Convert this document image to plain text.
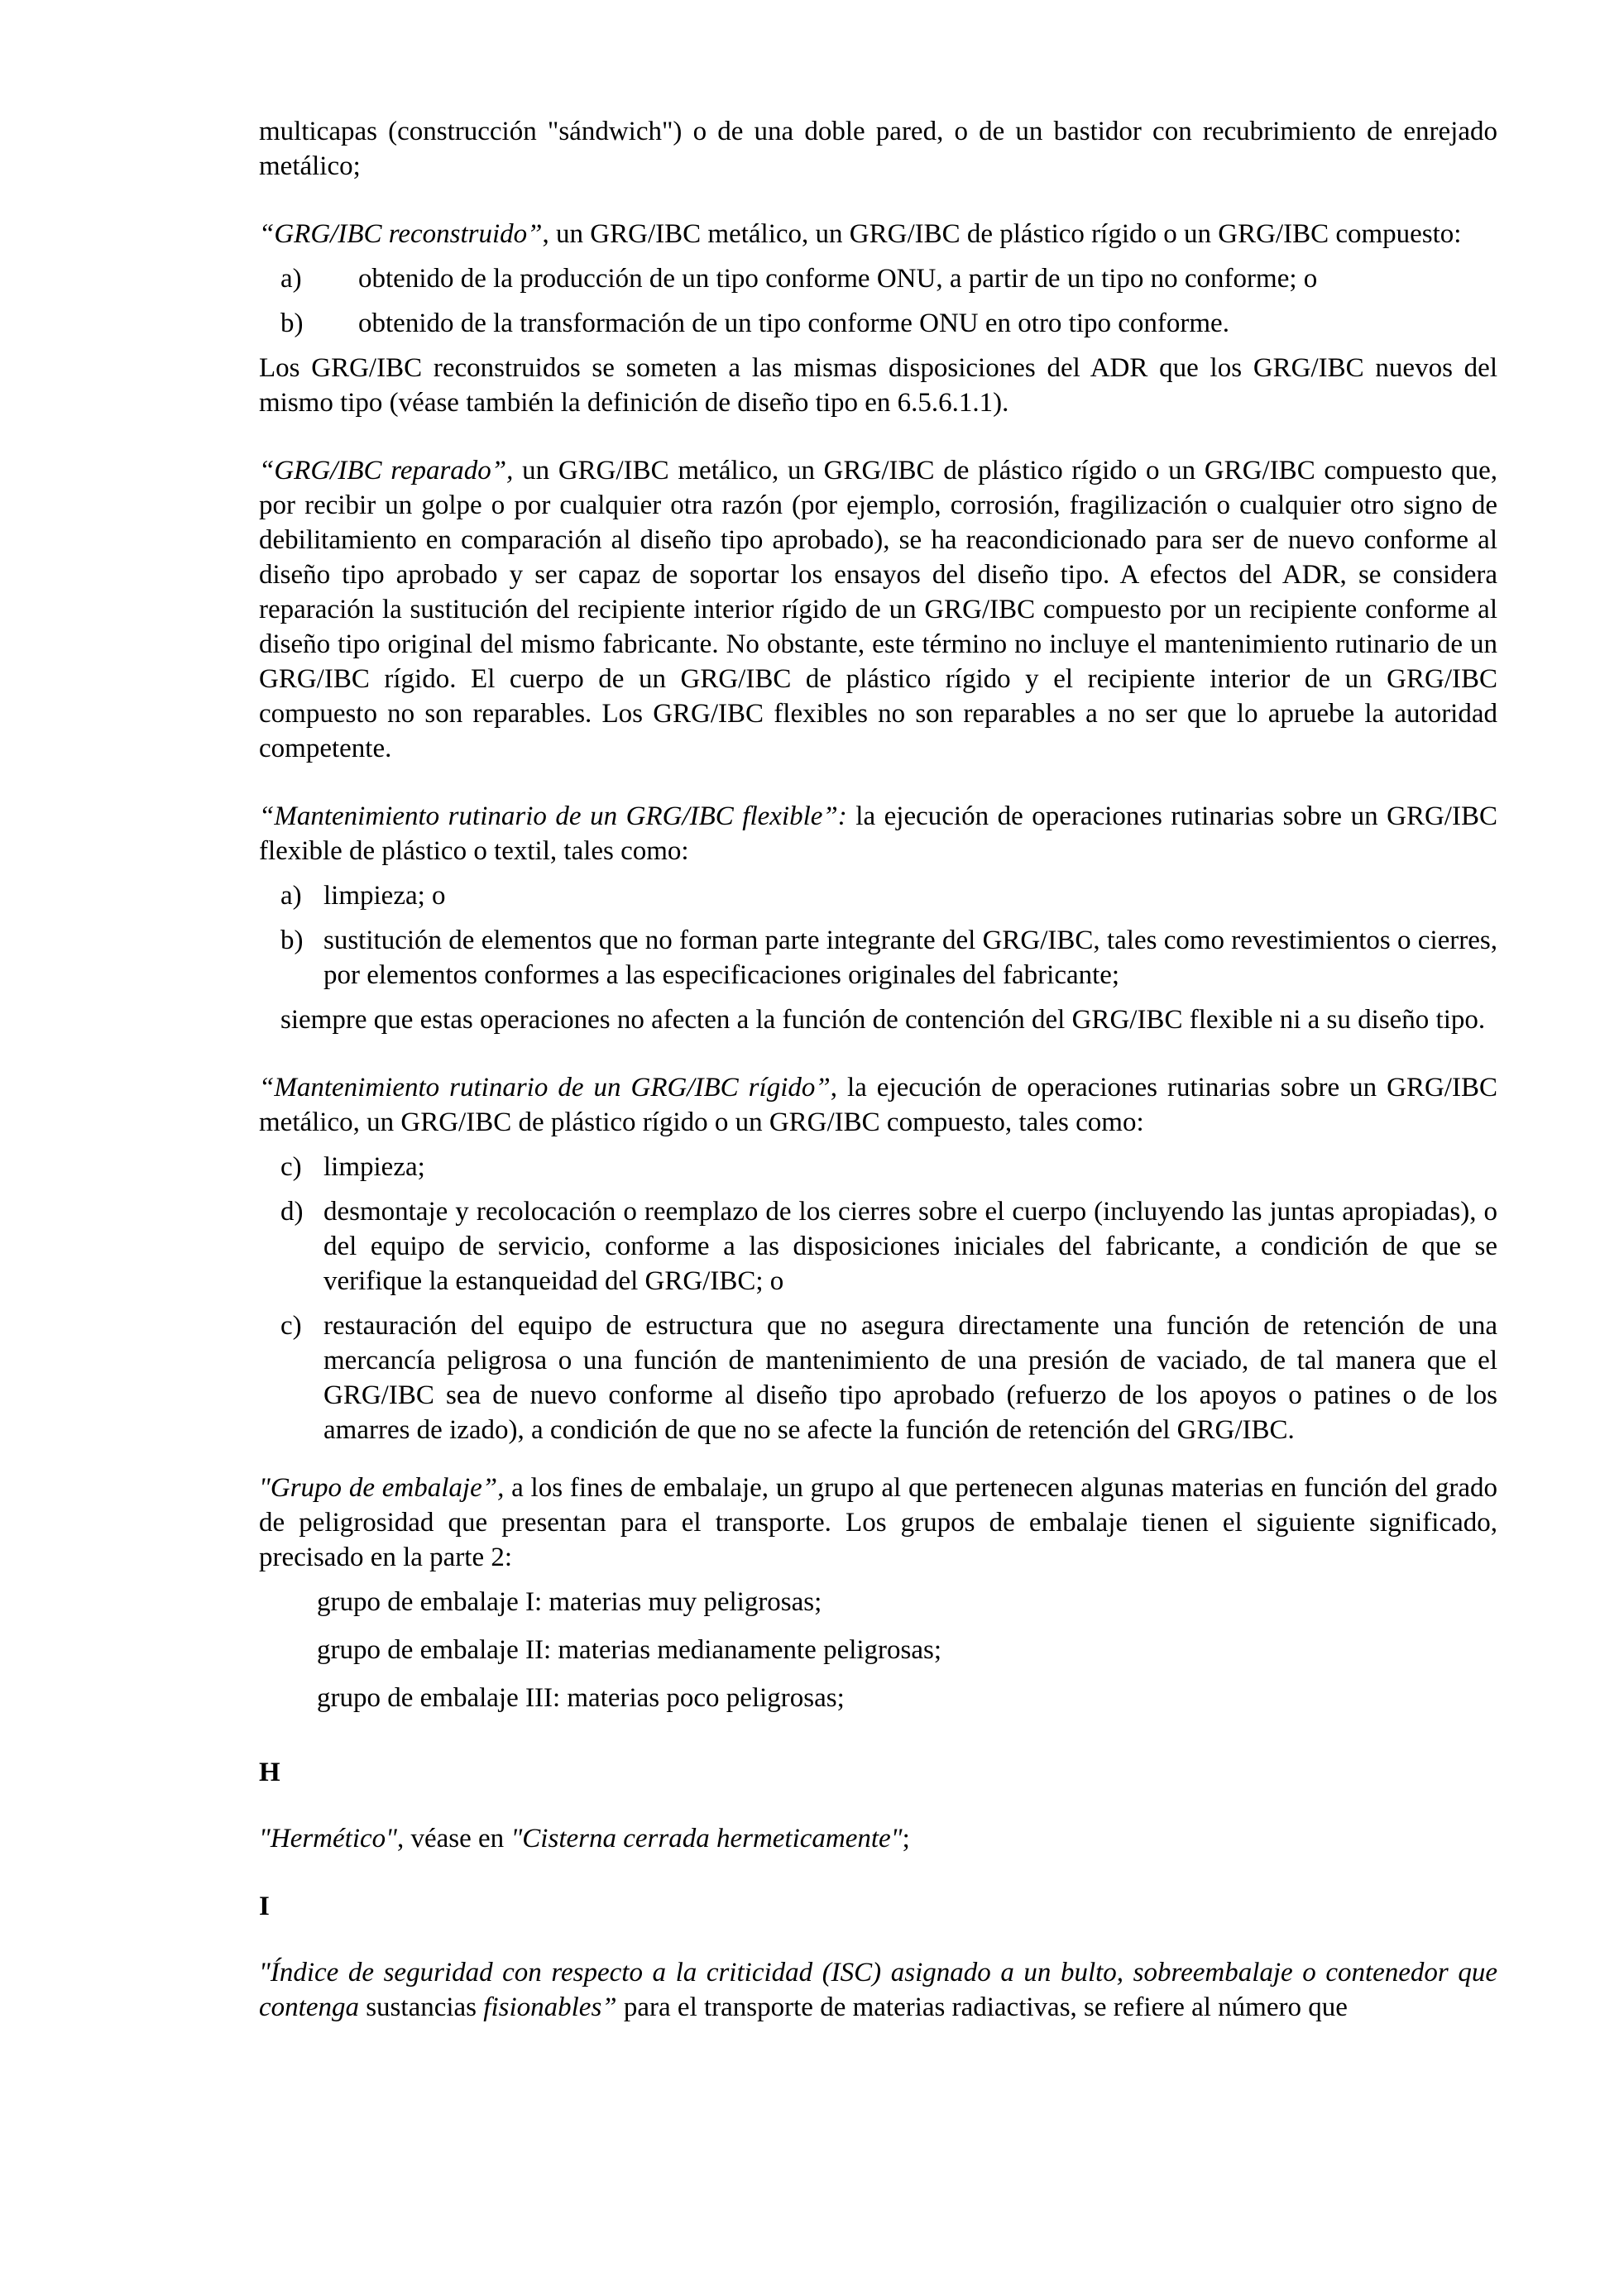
multicapas (construcción "sándwich") o de una doble pared, o de un bastidor con recubrimiento de enrejado metálico;

“GRG/IBC reconstruido”, un GRG/IBC metálico, un GRG/IBC de plástico rígido o un GRG/IBC compuesto:

a)	obtenido de la producción de un tipo conforme ONU, a partir de un tipo no conforme; o
b)	obtenido de la transformación de un tipo conforme ONU en otro tipo conforme.

Los GRG/IBC reconstruidos se someten a las mismas disposiciones del ADR que los GRG/IBC nuevos del mismo tipo (véase también la definición de diseño tipo en 6.5.6.1.1).

“GRG/IBC reparado”, un GRG/IBC metálico, un GRG/IBC de plástico rígido o un GRG/IBC compuesto que, por recibir un golpe o por cualquier otra razón (por ejemplo, corrosión, fragilización o cualquier otro signo de debilitamiento en comparación al diseño tipo aprobado), se ha reacondicionado para ser de nuevo conforme al diseño tipo aprobado y ser capaz de soportar los ensayos del diseño tipo. A efectos del ADR, se considera reparación la sustitución del recipiente interior rígido de un GRG/IBC compuesto por un recipiente conforme al diseño tipo original del mismo fabricante. No obstante, este término no incluye el mantenimiento rutinario de un GRG/IBC rígido. El cuerpo de un GRG/IBC de plástico rígido y el recipiente interior de un GRG/IBC compuesto no son reparables. Los GRG/IBC flexibles no son reparables a no ser que lo apruebe la autoridad competente.

“Mantenimiento rutinario de un GRG/IBC flexible”: la ejecución de operaciones rutinarias sobre un GRG/IBC flexible de plástico o textil, tales como:

a) limpieza; o
b) sustitución de elementos que no forman parte integrante del GRG/IBC, tales como revestimientos o cierres, por elementos conformes a las especificaciones originales del fabricante;

siempre que estas operaciones no afecten a la función de contención del GRG/IBC flexible ni a su diseño tipo.

“Mantenimiento rutinario de un GRG/IBC rígido”, la ejecución de operaciones rutinarias sobre un GRG/IBC metálico, un GRG/IBC de plástico rígido o un GRG/IBC compuesto, tales como:

c) limpieza;
d) desmontaje y recolocación o reemplazo de los cierres sobre el cuerpo (incluyendo las juntas apropiadas), o del equipo de servicio, conforme a las disposiciones iniciales del fabricante, a condición de que se verifique la estanqueidad del GRG/IBC; o
c) restauración del equipo de estructura que no asegura directamente una función de retención de una mercancía peligrosa o una función de mantenimiento de una presión de vaciado, de tal manera que el GRG/IBC sea de nuevo conforme al diseño tipo aprobado (refuerzo de los apoyos o patines o de los amarres de izado), a condición de que no se afecte la función de retención del GRG/IBC.

"Grupo de embalaje”, a los fines de embalaje, un grupo al que pertenecen algunas materias en función del grado de peligrosidad que presentan para el transporte. Los grupos de embalaje tienen el siguiente significado, precisado en la parte 2:

grupo de embalaje I: materias muy peligrosas;

grupo de embalaje II: materias medianamente peligrosas;

grupo de embalaje III: materias poco peligrosas;

H

"Hermético", véase en "Cisterna cerrada hermeticamente";

I

"Índice de seguridad con respecto a la criticidad (ISC) asignado a un bulto, sobreembalaje o contenedor que contenga sustancias fisionables” para el transporte de materias radiactivas, se refiere al número que
